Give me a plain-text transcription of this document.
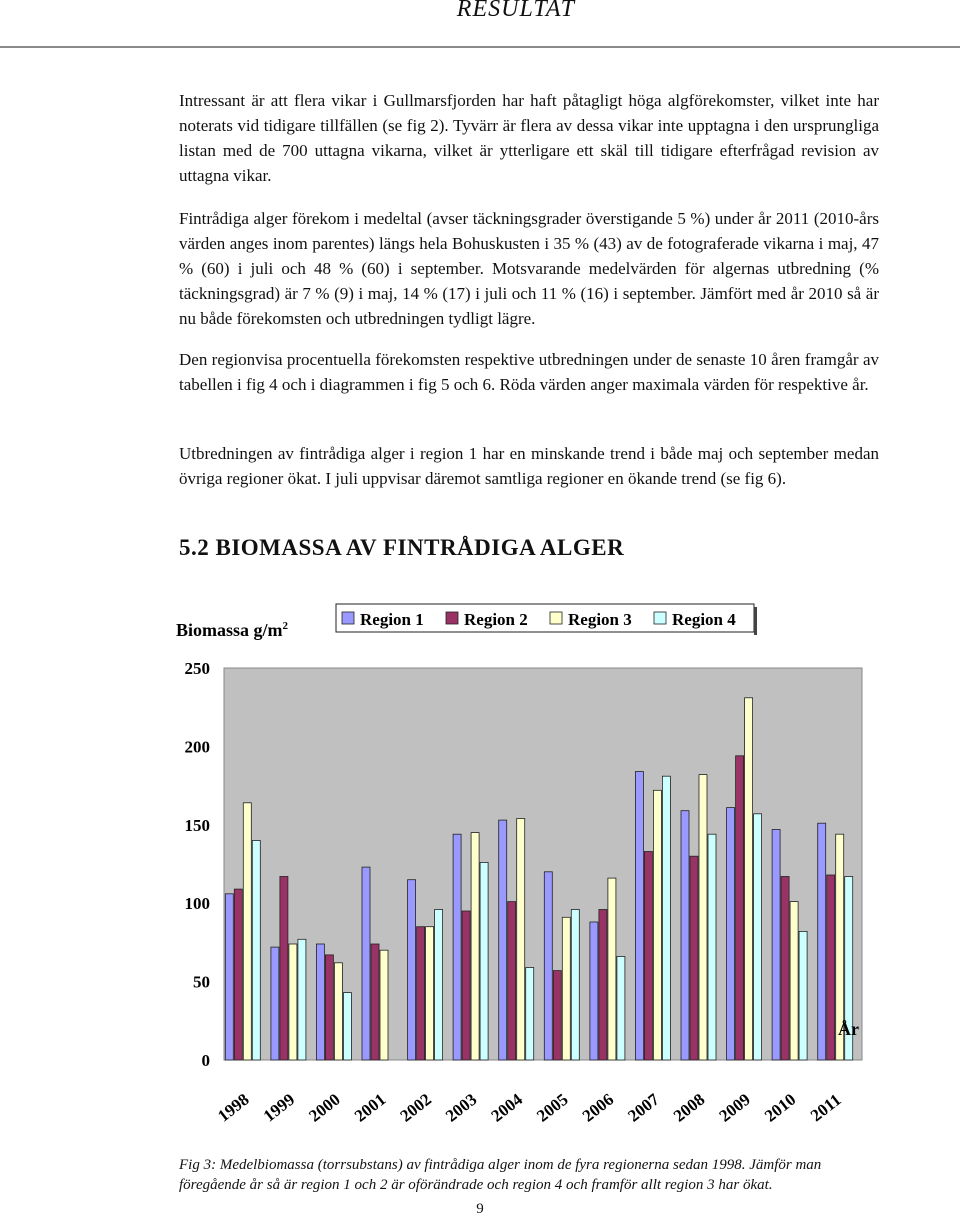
RESULTAT

Intressant är att flera vikar i Gullmarsfjorden har haft påtagligt höga algförekomster, vilket inte har noterats vid tidigare tillfällen (se fig 2). Tyvärr är flera av dessa vikar inte upptagna i den ursprungliga listan med de 700 uttagna vikarna, vilket är ytterligare ett skäl till tidigare efterfrågad revision av uttagna vikar.

Fintrådiga alger förekom i medeltal (avser täckningsgrader överstigande 5 %) under år 2011 (2010-års värden anges inom parentes) längs hela Bohuskusten i 35 % (43) av de fotograferade vikarna i maj, 47 % (60) i juli och 48 % (60) i september. Motsvarande medelvärden för algernas utbredning (% täckningsgrad) är 7 % (9) i maj, 14 % (17) i juli och 11 % (16) i september. Jämfört med år 2010 så är nu både förekomsten och utbredningen tydligt lägre.

Den regionvisa procentuella förekomsten respektive utbredningen under de senaste 10 åren framgår av tabellen i fig 4 och i diagrammen i fig 5 och 6. Röda värden anger maximala värden för respektive år.

Utbredningen av fintrådiga alger i region 1 har en minskande trend i både maj och september medan övriga regioner ökat. I juli uppvisar däremot samtliga regioner en ökande trend (se fig 6).

5.2 BIOMASSA AV FINTRÅDIGA ALGER
Region 1 Region 2 Region 3 Region 4
Biomassa $g/m^2$
0
50
100
150
200
250
1998 1999 2000 2001 2002 2003 2004 2005 2006 2007 2008 2009 2010 2011
År

Fig 3: Medelbiomassa (torrsubstans) av fintrådiga alger inom de fyra regionerna sedan 1998. Jämför man föregående år så är region 1 och 2 är oförändrade och region 4 och framför allt region 3 har ökat.

9
